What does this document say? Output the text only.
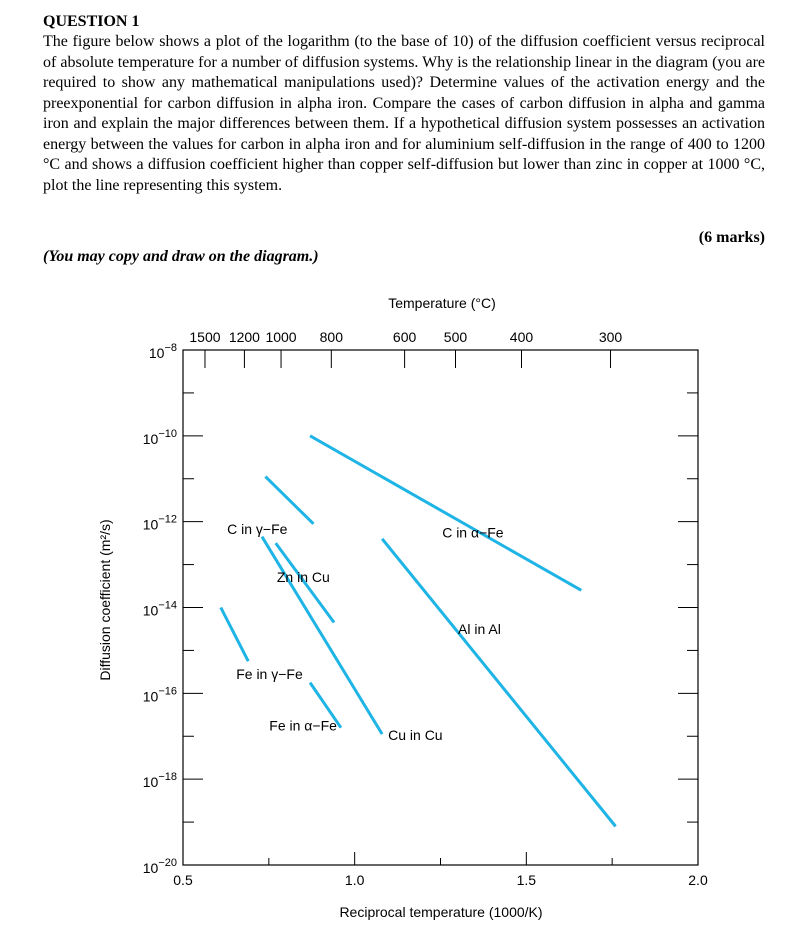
QUESTION 1

The figure below shows a plot of the logarithm (to the base of 10) of the diffusion coefficient versus reciprocal of absolute temperature for a number of diffusion systems. Why is the relationship linear in the diagram (you are required to show any mathematical manipulations used)? Determine values of the activation energy and the preexponential for carbon diffusion in alpha iron. Compare the cases of carbon diffusion in alpha and gamma iron and explain the major differences between them. If a hypothetical diffusion system possesses an activation energy between the values for carbon in alpha iron and for aluminium self-diffusion in the range of 400 to 1200 °C and shows a diffusion coefficient higher than copper self-diffusion but lower than zinc in copper at 1000 °C, plot the line representing this system.

(6 marks)
(You may copy and draw on the diagram.)
Temperature (°C)
Reciprocal temperature (1000/K)
Diffusion coefficient (m²/s)
0.5	1.0	1.5	2.0
$10^{-8}$
$10^{-10}$
$10^{-12}$
$10^{-14}$
$10^{-16}$
$10^{-18}$
$10^{-20}$
1500 1200 1000 800	600 500	400	300
C in α−Fe
C in γ−Fe
Zn in Cu
Fe in γ−Fe
Fe in α−Fe
Cu in Cu
Al in Al
